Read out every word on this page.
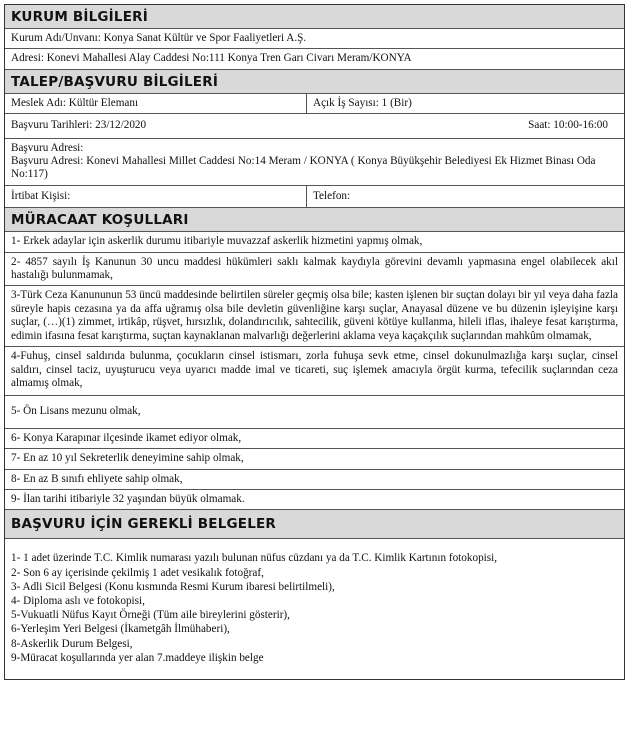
KURUM BİLGİLERİ
Kurum Adı/Unvanı: Konya Sanat Kültür ve Spor Faaliyetleri A.Ş.
Adresi: Konevi Mahallesi Alay Caddesi No:111 Konya Tren Garı Civarı Meram/KONYA
TALEP/BAŞVURU BİLGİLERİ
Meslek Adı: Kültür Elemanı	Açık İş Sayısı: 1 (Bir)
Başvuru Tarihleri: 23/12/2020	Saat: 10:00-16:00
Başvuru Adresi:
Başvuru Adresi: Konevi Mahallesi Millet Caddesi No:14 Meram / KONYA ( Konya Büyükşehir Belediyesi Ek Hizmet Binası Oda No:117)
İrtibat Kişisi:	Telefon:
MÜRACAAT KOŞULLARI
1- Erkek adaylar için askerlik durumu itibariyle muvazzaf askerlik hizmetini yapmış olmak,
2- 4857 sayılı İş Kanunun 30 uncu maddesi hükümleri saklı kalmak kaydıyla görevini devamlı yapmasına engel olabilecek akıl hastalığı bulunmamak,
3-Türk Ceza Kanununun 53 üncü maddesinde belirtilen süreler geçmiş olsa bile; kasten işlenen bir suçtan dolayı bir yıl veya daha fazla süreyle hapis cezasına ya da affa uğramış olsa bile devletin güvenliğine karşı suçlar, Anayasal düzene ve bu düzenin işleyişine karşı suçlar, (…)(1) zimmet, irtikâp, rüşvet, hırsızlık, dolandırıcılık, sahtecilik, güveni kötüye kullanma, hileli iflas, ihaleye fesat karıştırma, edimin ifasına fesat karıştırma, suçtan kaynaklanan malvarlığı değerlerini aklama veya kaçakçılık suçlarından mahkûm olmamak,
4-Fuhuş, cinsel saldırıda bulunma, çocukların cinsel istismarı, zorla fuhuşa sevk etme, cinsel dokunulmazlığa karşı suçlar, cinsel saldırı, cinsel taciz, uyuşturucu veya uyarıcı madde imal ve ticareti, suç işlemek amacıyla örgüt kurma, tefecilik suçlarından ceza almamış olmak,
5- Ön Lisans mezunu olmak,
6- Konya Karapınar ilçesinde ikamet ediyor olmak,
7- En az 10 yıl Sekreterlik deneyimine sahip olmak,
8- En az B sınıfı ehliyete sahip olmak,
9- İlan tarihi itibariyle 32 yaşından büyük olmamak.
BAŞVURU İÇİN GEREKLİ BELGELER
1- 1 adet üzerinde T.C. Kimlik numarası yazılı bulunan nüfus cüzdanı ya da T.C. Kimlik Kartının fotokopisi,
2- Son 6 ay içerisinde çekilmiş 1 adet vesikalık fotoğraf,
3- Adli Sicil Belgesi (Konu kısmında Resmi Kurum ibaresi belirtilmeli),
4- Diploma aslı ve fotokopisi,
5-Vukuatli Nüfus Kayıt Örneği (Tüm aile bireylerini gösterir),
6-Yerleşim Yeri Belgesi (İkametgâh İlmühaberi),
8-Askerlik Durum Belgesi,
9-Müracat koşullarında yer alan 7.maddeye ilişkin belge
